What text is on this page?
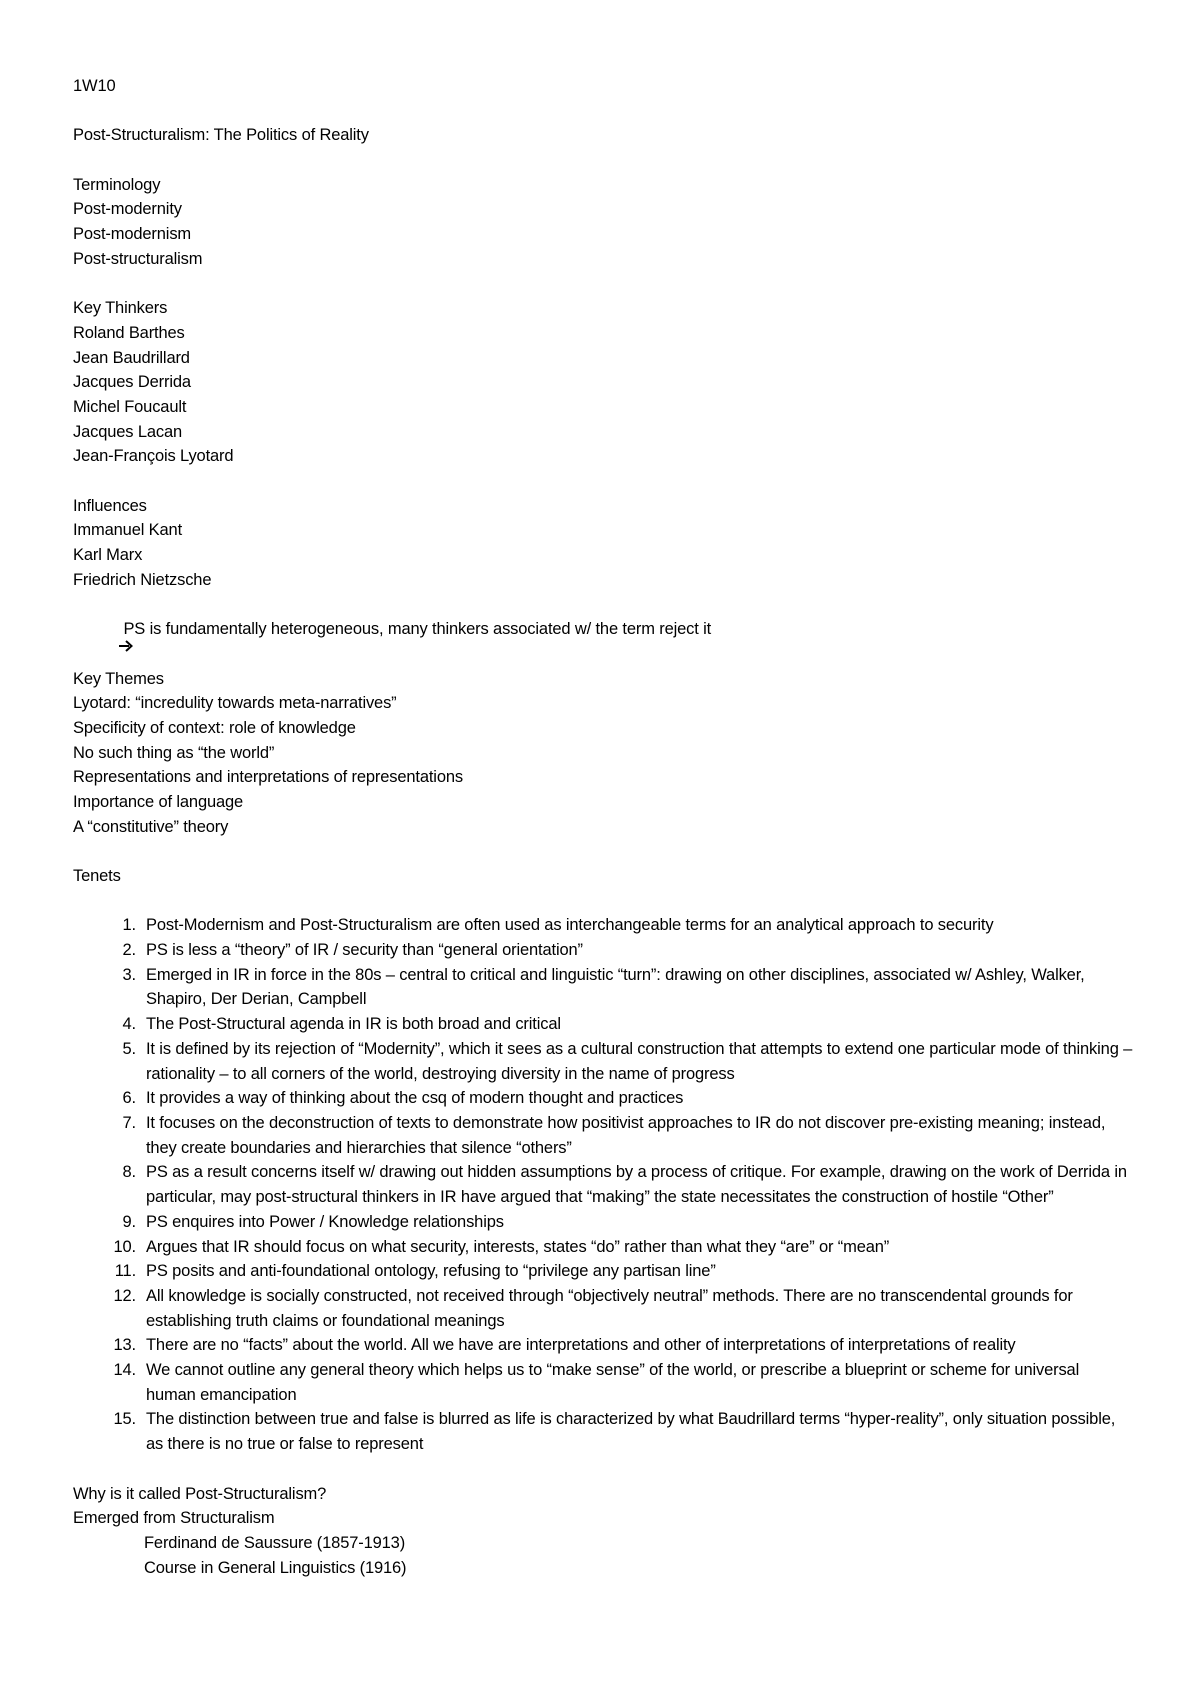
1W10
Post-Structuralism: The Politics of Reality
Terminology
Post-modernity
Post-modernism
Post-structuralism
Key Thinkers
Roland Barthes
Jean Baudrillard
Jacques Derrida
Michel Foucault
Jacques Lacan
Jean-François Lyotard
Influences
Immanuel Kant
Karl Marx
Friedrich Nietzsche
PS is fundamentally heterogeneous, many thinkers associated w/ the term reject it
Key Themes
Lyotard: “incredulity towards meta-narratives”
Specificity of context: role of knowledge
No such thing as “the world”
Representations and interpretations of representations
Importance of language
A “constitutive” theory
Tenets
1. Post-Modernism and Post-Structuralism are often used as interchangeable terms for an analytical approach to security
2. PS is less a “theory” of IR / security than “general orientation”
3. Emerged in IR in force in the 80s – central to critical and linguistic “turn”: drawing on other disciplines, associated w/ Ashley, Walker, Shapiro, Der Derian, Campbell
4. The Post-Structural agenda in IR is both broad and critical
5. It is defined by its rejection of “Modernity”, which it sees as a cultural construction that attempts to extend one particular mode of thinking – rationality – to all corners of the world, destroying diversity in the name of progress
6. It provides a way of thinking about the csq of modern thought and practices
7. It focuses on the deconstruction of texts to demonstrate how positivist approaches to IR do not discover pre-existing meaning; instead, they create boundaries and hierarchies that silence “others”
8. PS as a result concerns itself w/ drawing out hidden assumptions by a process of critique. For example, drawing on the work of Derrida in particular, may post-structural thinkers in IR have argued that “making” the state necessitates the construction of hostile “Other”
9. PS enquires into Power / Knowledge relationships
10. Argues that IR should focus on what security, interests, states “do” rather than what they “are” or “mean”
11. PS posits and anti-foundational ontology, refusing to “privilege any partisan line”
12. All knowledge is socially constructed, not received through “objectively neutral” methods. There are no transcendental grounds for establishing truth claims or foundational meanings
13. There are no “facts” about the world. All we have are interpretations and other of interpretations of interpretations of reality
14. We cannot outline any general theory which helps us to “make sense” of the world, or prescribe a blueprint or scheme for universal human emancipation
15. The distinction between true and false is blurred as life is characterized by what Baudrillard terms “hyper-reality”, only situation possible, as there is no true or false to represent
Why is it called Post-Structuralism?
Emerged from Structuralism
Ferdinand de Saussure (1857-1913)
Course in General Linguistics (1916)
